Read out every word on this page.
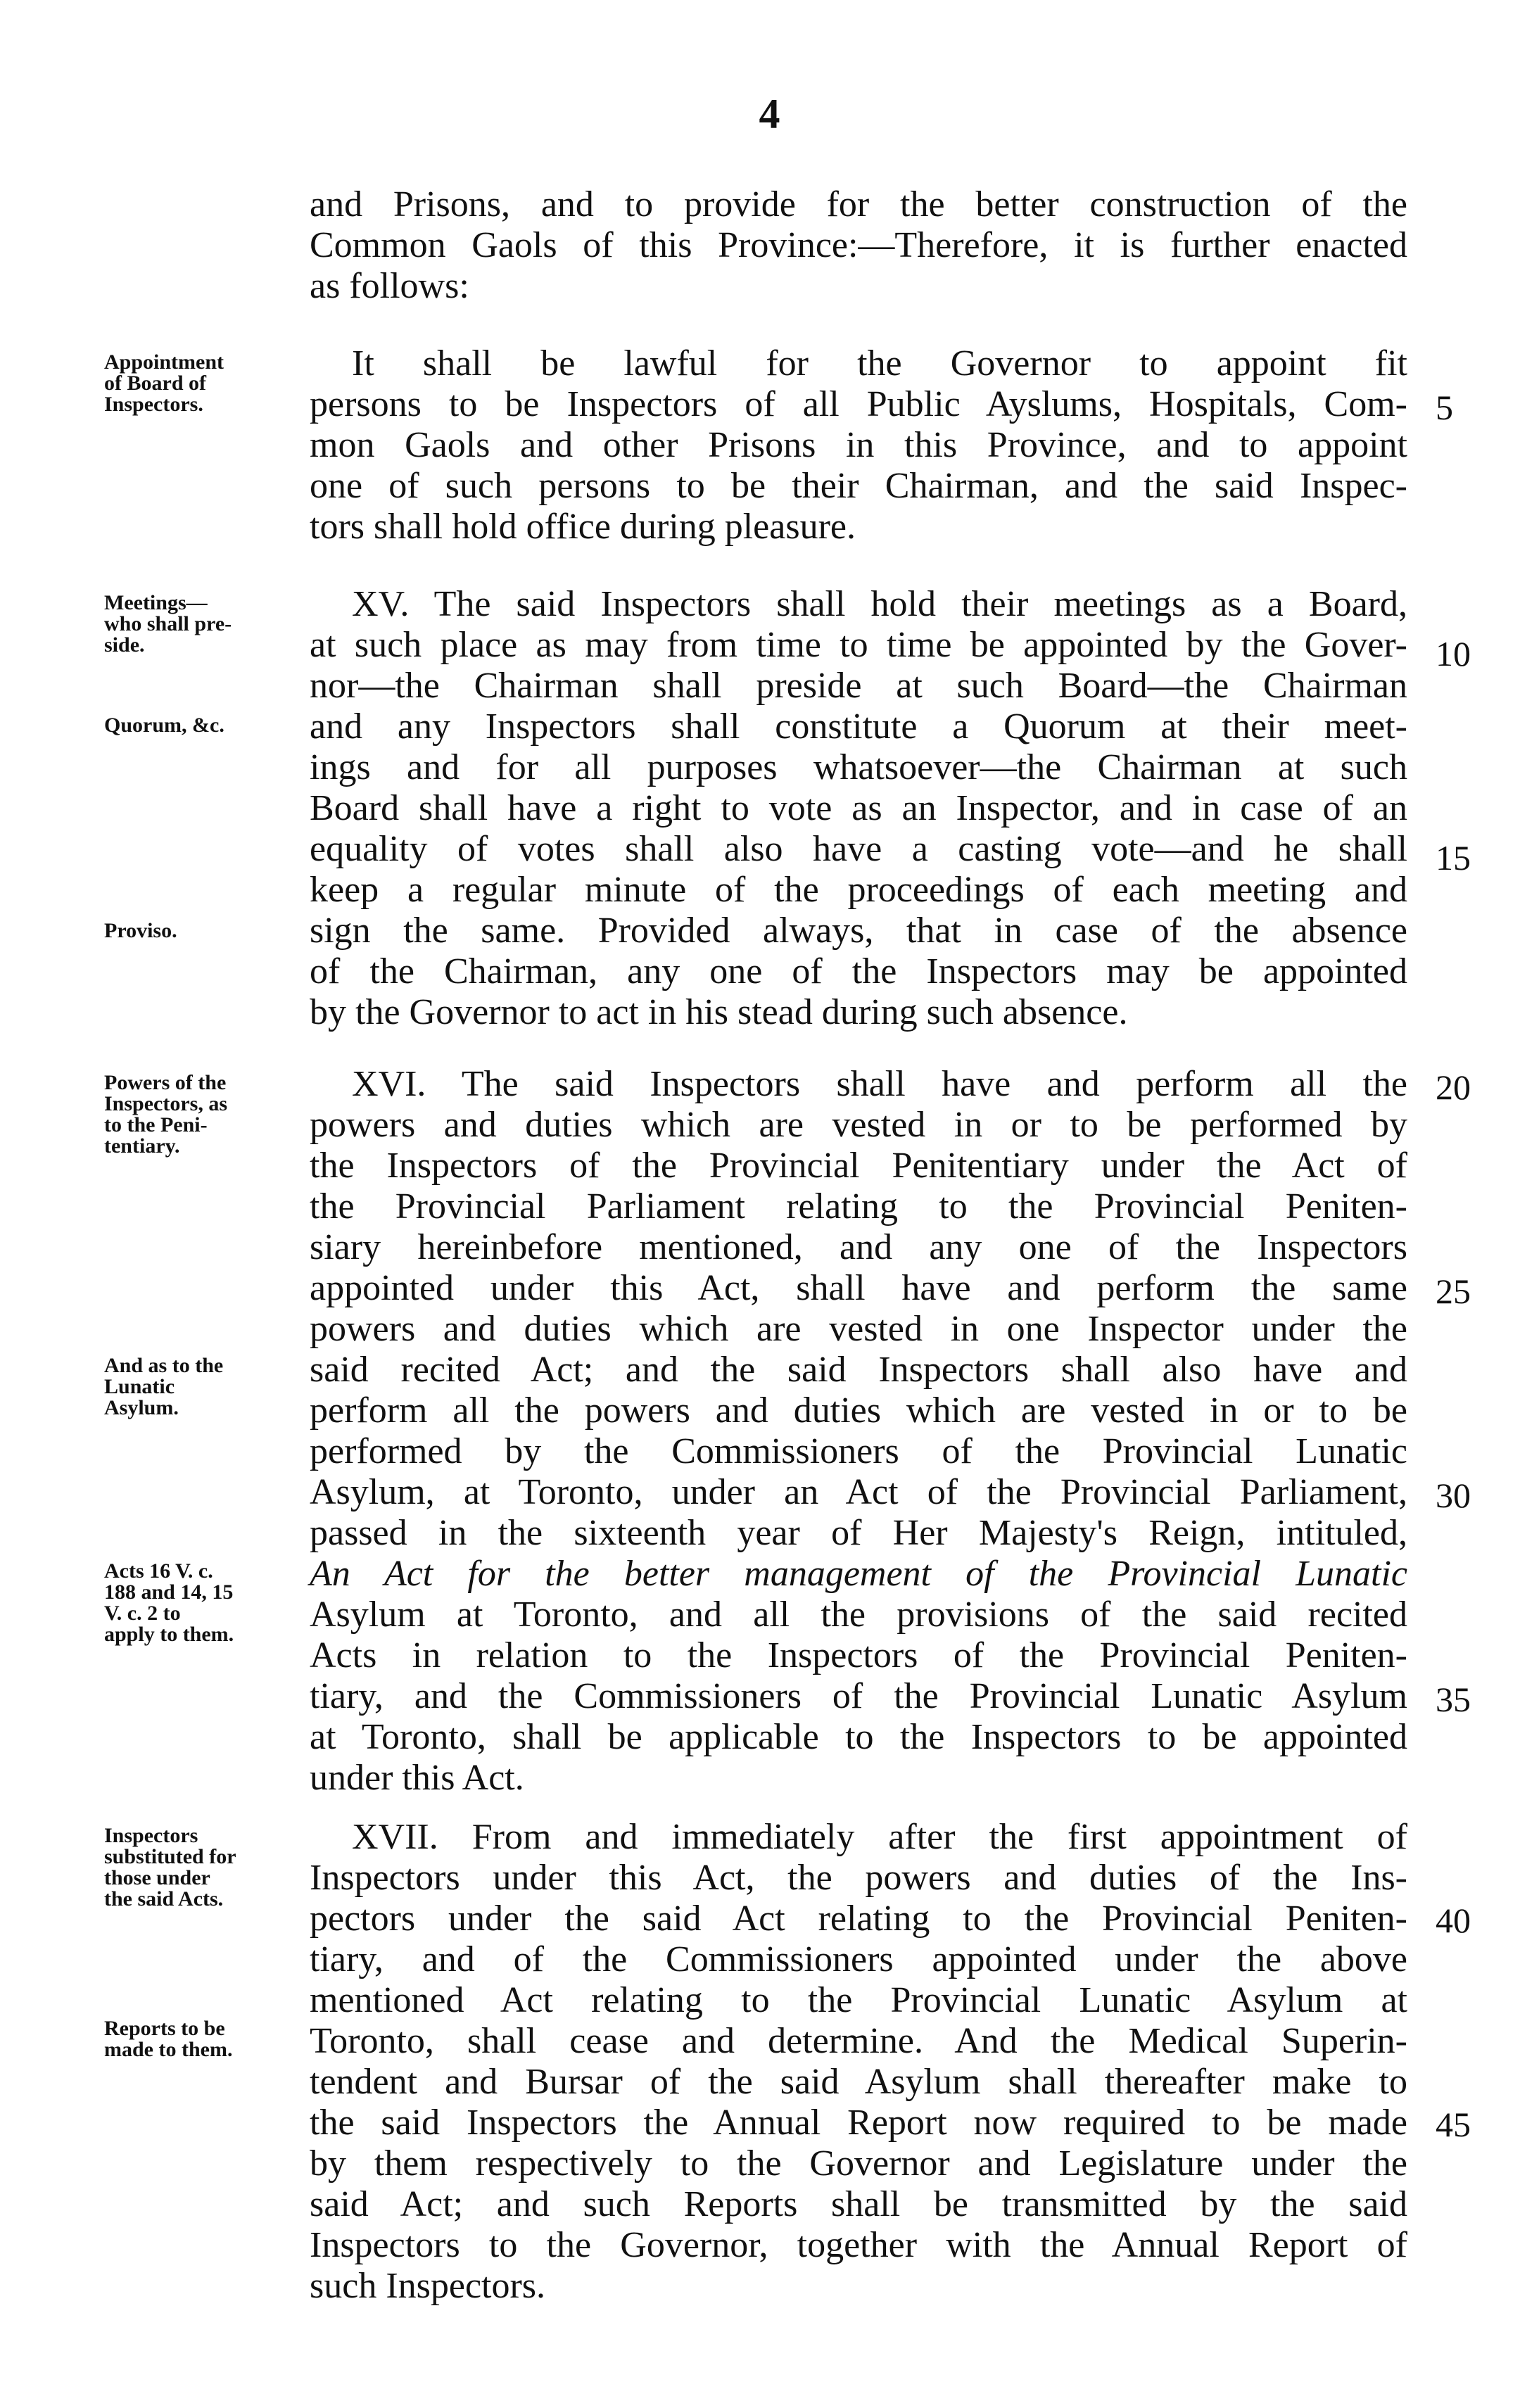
4
and Prisons, and to provide for the better construction of the
Common Gaols of this Province:—Therefore, it is further enacted
as follows:
Appointment
of Board of
Inspectors.
It shall be lawful for the Governor to appoint fit
persons to be Inspectors of all Public Ayslums, Hospitals, Com-
mon Gaols and other Prisons in this Province, and to appoint
one of such persons to be their Chairman, and the said Inspec-
tors shall hold office during pleasure.
5
Meetings—
who shall pre-
side.
Quorum, &c.
Proviso.
XV. The said Inspectors shall hold their meetings as a Board,
at such place as may from time to time be appointed by the Gover-
nor—the Chairman shall preside at such Board—the Chairman
and any Inspectors shall constitute a Quorum at their meet-
ings and for all purposes whatsoever—the Chairman at such
Board shall have a right to vote as an Inspector, and in case of an
equality of votes shall also have a casting vote—and he shall
keep a regular minute of the proceedings of each meeting and
sign the same. Provided always, that in case of the absence
of the Chairman, any one of the Inspectors may be appointed
by the Governor to act in his stead during such absence.
10
15
Powers of the
Inspectors, as
to the Peni-
tentiary.
And as to the
Lunatic
Asylum.
Acts 16 V. c.
188 and 14, 15
V. c. 2 to
apply to them.
XVI. The said Inspectors shall have and perform all the
powers and duties which are vested in or to be performed by
the Inspectors of the Provincial Penitentiary under the Act of
the Provincial Parliament relating to the Provincial Peniten-
siary hereinbefore mentioned, and any one of the Inspectors
appointed under this Act, shall have and perform the same
powers and duties which are vested in one Inspector under the
said recited Act; and the said Inspectors shall also have and
perform all the powers and duties which are vested in or to be
performed by the Commissioners of the Provincial Lunatic
Asylum, at Toronto, under an Act of the Provincial Parliament,
passed in the sixteenth year of Her Majesty's Reign, intituled,
An Act for the better management of the Provincial Lunatic
Asylum at Toronto, and all the provisions of the said recited
Acts in relation to the Inspectors of the Provincial Peniten-
tiary, and the Commissioners of the Provincial Lunatic Asylum
at Toronto, shall be applicable to the Inspectors to be appointed
under this Act.
20
25
30
35
Inspectors
substituted for
those under
the said Acts.
Reports to be
made to them.
XVII. From and immediately after the first appointment of
Inspectors under this Act, the powers and duties of the Ins-
pectors under the said Act relating to the Provincial Peniten-
tiary, and of the Commissioners appointed under the above
mentioned Act relating to the Provincial Lunatic Asylum at
Toronto, shall cease and determine. And the Medical Superin-
tendent and Bursar of the said Asylum shall thereafter make to
the said Inspectors the Annual Report now required to be made
by them respectively to the Governor and Legislature under the
said Act; and such Reports shall be transmitted by the said
Inspectors to the Governor, together with the Annual Report of
such Inspectors.
40
45
